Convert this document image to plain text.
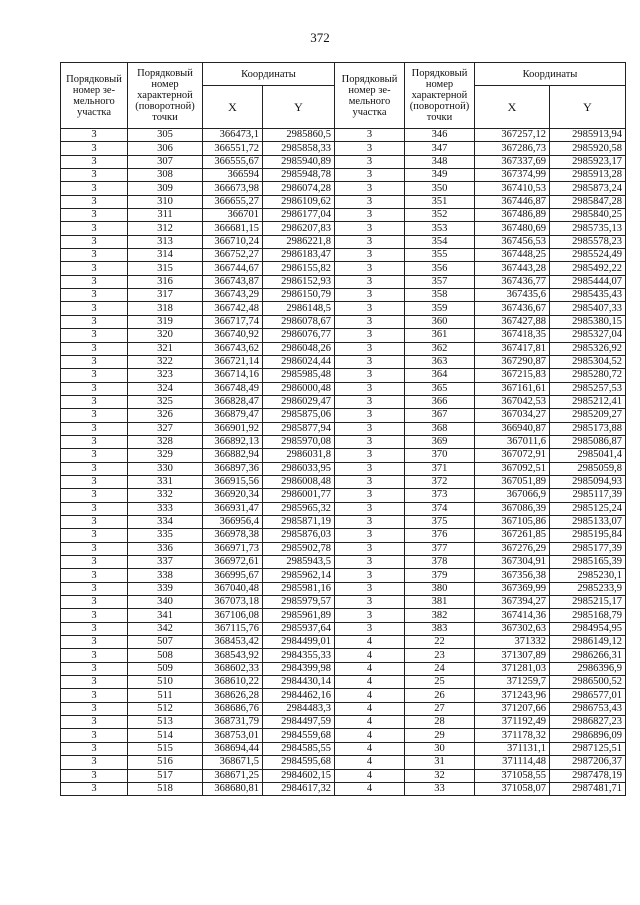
372
Порядковый номер зе-мельного участка	Порядковый номер характерной (поворотной) точки	Координаты		Порядковый номер зе-мельного участка	Порядковый номер характерной (поворотной) точки	Координаты	
		X	Y			X	Y
3	305	366473,1	2985860,5	3	346	367257,12	2985913,94
3	306	366551,72	2985858,33	3	347	367286,73	2985920,58
3	307	366555,67	2985940,89	3	348	367337,69	2985923,17
3	308	366594	2985948,78	3	349	367374,99	2985913,28
3	309	366673,98	2986074,28	3	350	367410,53	2985873,24
3	310	366655,27	2986109,62	3	351	367446,87	2985847,28
3	311	366701	2986177,04	3	352	367486,89	2985840,25
3	312	366681,15	2986207,83	3	353	367480,69	2985735,13
3	313	366710,24	2986221,8	3	354	367456,53	2985578,23
3	314	366752,27	2986183,47	3	355	367448,25	2985524,49
3	315	366744,67	2986155,82	3	356	367443,28	2985492,22
3	316	366743,87	2986152,93	3	357	367436,77	2985444,07
3	317	366743,29	2986150,79	3	358	367435,6	2985435,43
3	318	366742,48	2986148,5	3	359	367436,67	2985407,33
3	319	366717,74	2986078,67	3	360	367427,88	2985380,15
3	320	366740,92	2986076,77	3	361	367418,35	2985327,04
3	321	366743,62	2986048,26	3	362	367417,81	2985326,92
3	322	366721,14	2986024,44	3	363	367290,87	2985304,52
3	323	366714,16	2985985,48	3	364	367215,83	2985280,72
3	324	366748,49	2986000,48	3	365	367161,61	2985257,53
3	325	366828,47	2986029,47	3	366	367042,53	2985212,41
3	326	366879,47	2985875,06	3	367	367034,27	2985209,27
3	327	366901,92	2985877,94	3	368	366940,87	2985173,88
3	328	366892,13	2985970,08	3	369	367011,6	2985086,87
3	329	366882,94	2986031,8	3	370	367072,91	2985041,4
3	330	366897,36	2986033,95	3	371	367092,51	2985059,8
3	331	366915,56	2986008,48	3	372	367051,89	2985094,93
3	332	366920,34	2986001,77	3	373	367066,9	2985117,39
3	333	366931,47	2985965,32	3	374	367086,39	2985125,24
3	334	366956,4	2985871,19	3	375	367105,86	2985133,07
3	335	366978,38	2985876,03	3	376	367261,85	2985195,84
3	336	366971,73	2985902,78	3	377	367276,29	2985177,39
3	337	366972,61	2985943,5	3	378	367304,91	2985165,39
3	338	366995,67	2985962,14	3	379	367356,38	2985230,1
3	339	367040,48	2985981,16	3	380	367369,99	2985233,9
3	340	367073,18	2985979,57	3	381	367394,27	2985215,17
3	341	367106,08	2985961,89	3	382	367414,36	2985168,79
3	342	367115,76	2985937,64	3	383	367302,63	2984954,95
3	507	368453,42	2984499,01	4	22	371332	2986149,12
3	508	368543,92	2984355,33	4	23	371307,89	2986266,31
3	509	368602,33	2984399,98	4	24	371281,03	2986396,9
3	510	368610,22	2984430,14	4	25	371259,7	2986500,52
3	511	368626,28	2984462,16	4	26	371243,96	2986577,01
3	512	368686,76	2984483,3	4	27	371207,66	2986753,43
3	513	368731,79	2984497,59	4	28	371192,49	2986827,23
3	514	368753,01	2984559,68	4	29	371178,32	2986896,09
3	515	368694,44	2984585,55	4	30	371131,1	2987125,51
3	516	368671,5	2984595,68	4	31	371114,48	2987206,37
3	517	368671,25	2984602,15	4	32	371058,55	2987478,19
3	518	368680,81	2984617,32	4	33	371058,07	2987481,71
